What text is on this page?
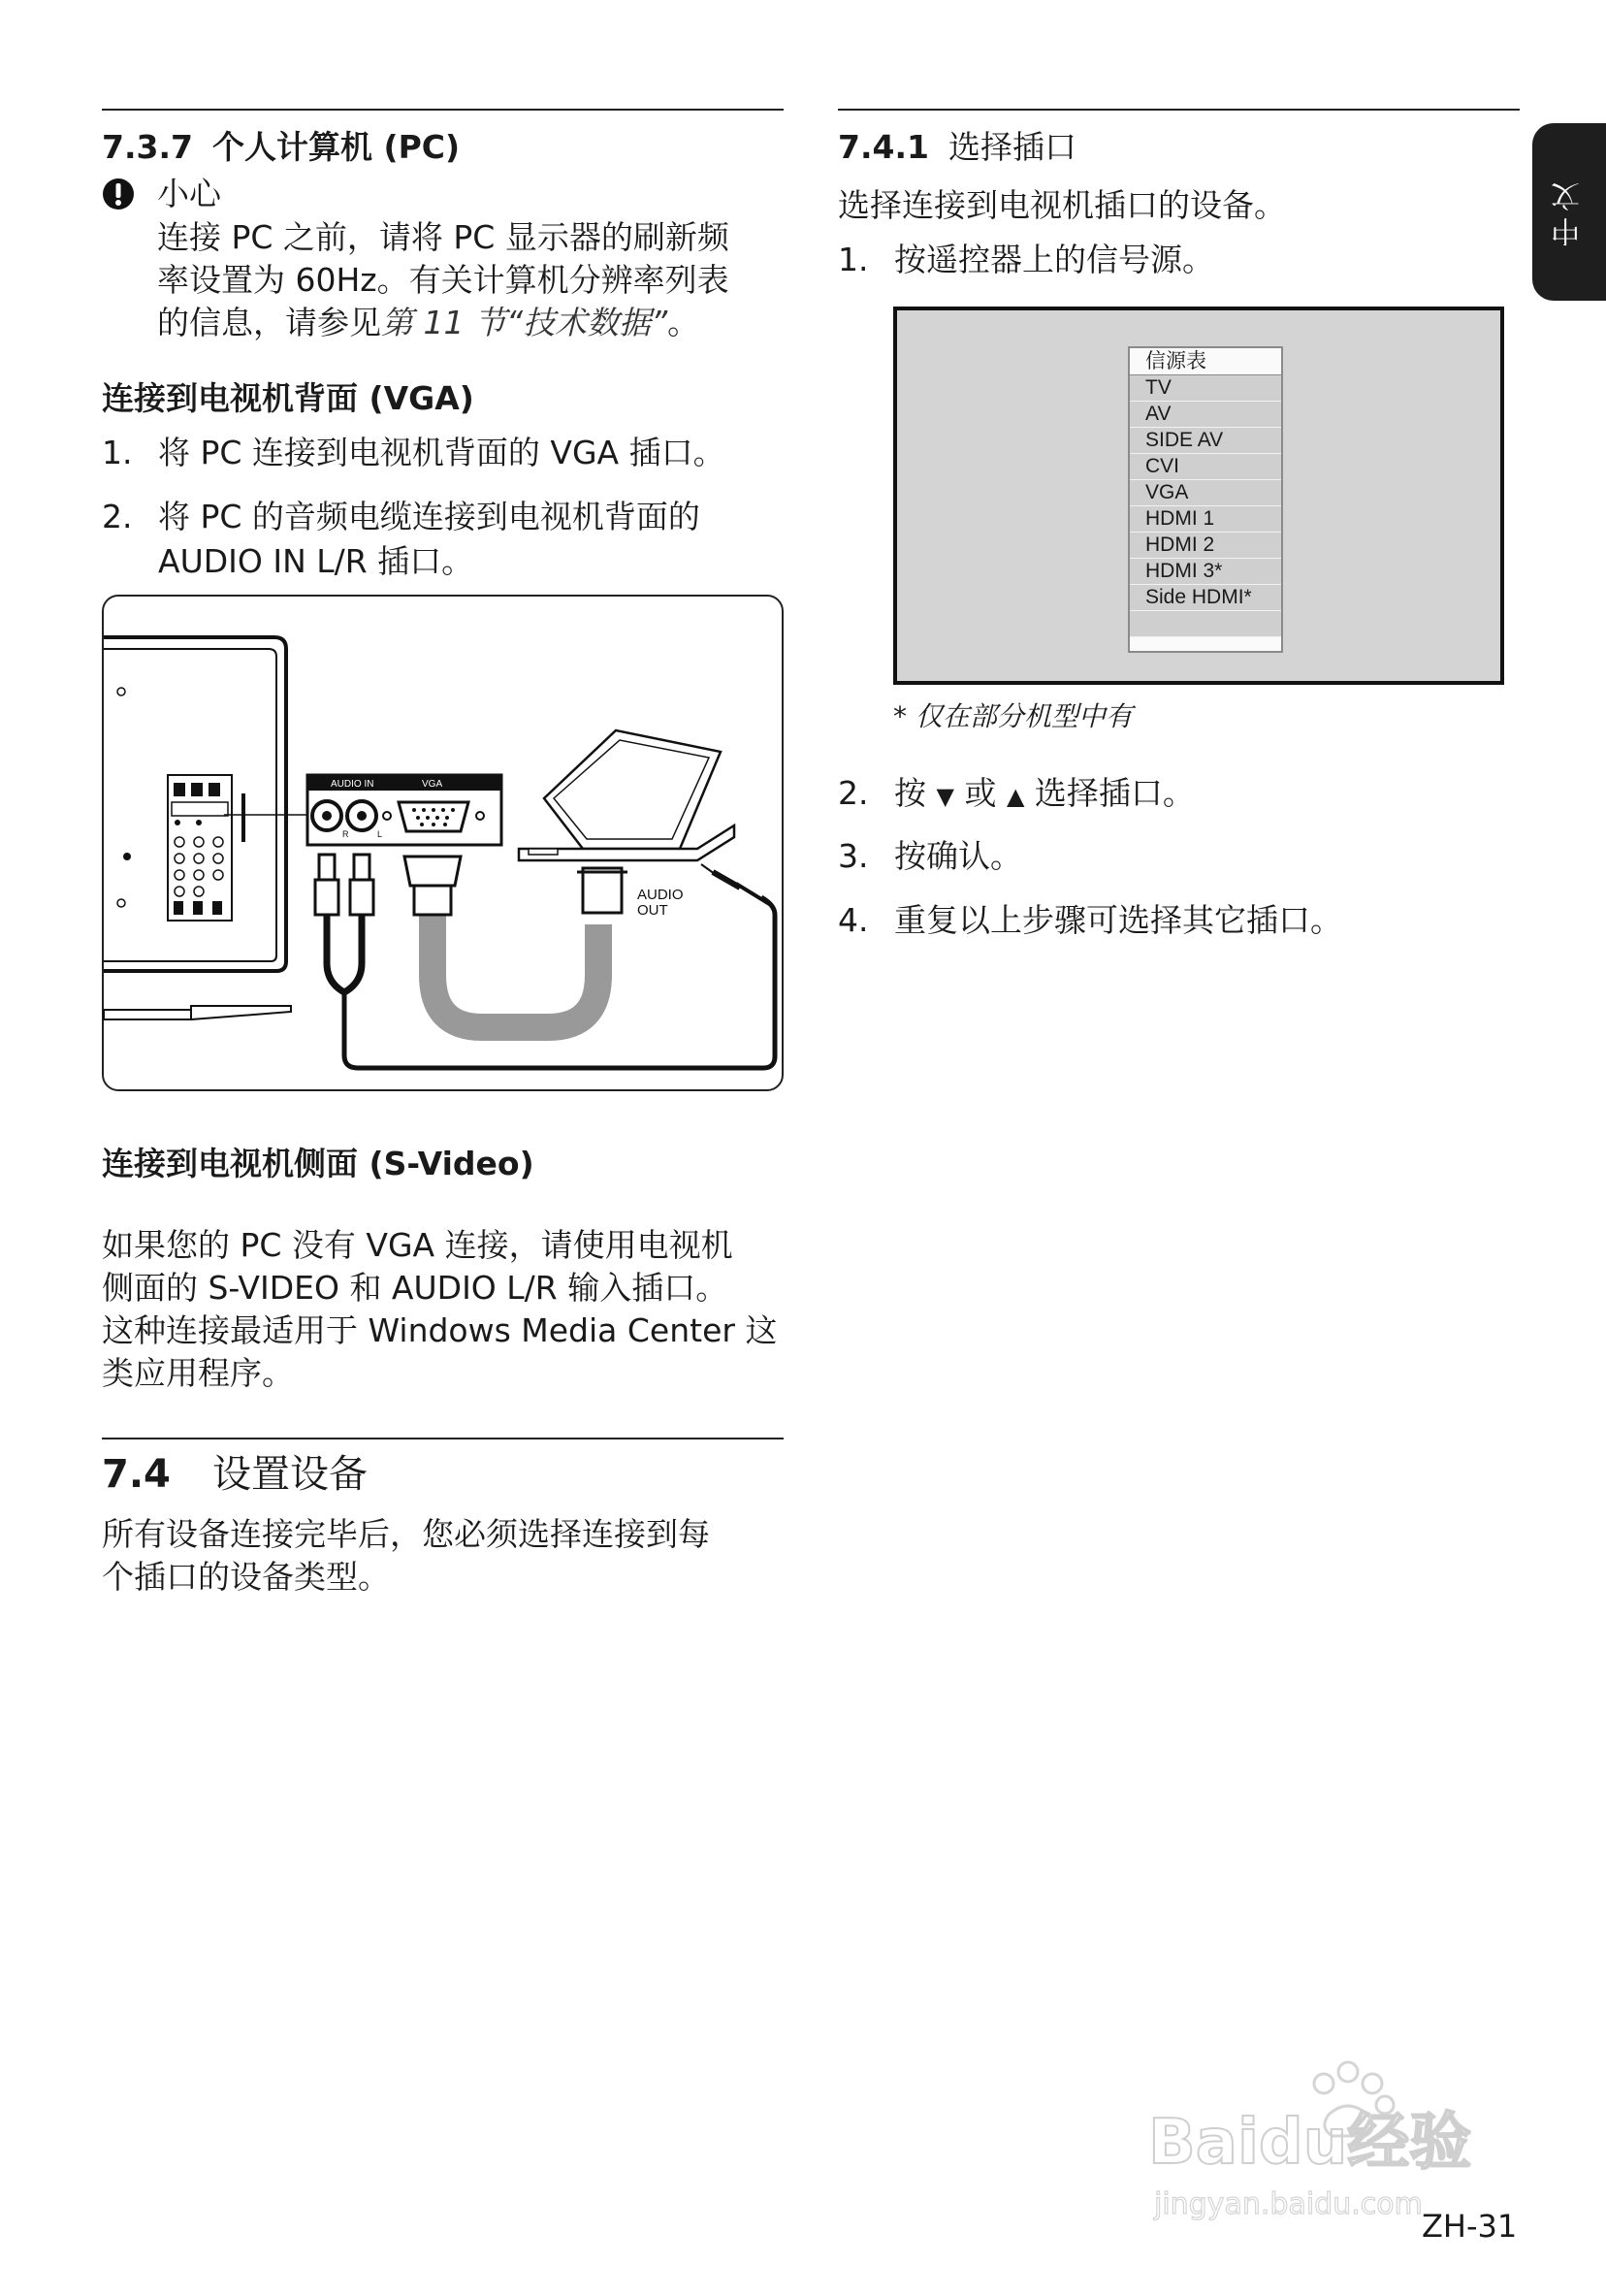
7.3.7 个人计算机 (PC)
小心
连接 PC 之前，请将 PC 显示器的刷新频
率设置为 60Hz。有关计算机分辨率列表
的信息，请参见第 11 节“技术数据”。
连接到电视机背面 (VGA)
1. 将 PC 连接到电视机背面的 VGA 插口。
2. 将 PC 的音频电缆连接到电视机背面的
AUDIO IN L/R 插口。
AUDIO IN	VGA
R	L
AUDIO
OUT
连接到电视机侧面 (S-Video)
如果您的 PC 没有 VGA 连接，请使用电视机
侧面的 S-VIDEO 和 AUDIO L/R 输入插口。
这种连接最适用于 Windows Media Center 这
类应用程序。
7.4 设置设备
所有设备连接完毕后，您必须选择连接到每
个插口的设备类型。
7.4.1 选择插口
选择连接到电视机插口的设备。
1. 按遥控器上的信号源。
信源表
TV
AV
SIDE AV
CVI
VGA
HDMI 1
HDMI 2
HDMI 3*
Side HDMI*
* 仅在部分机型中有
2. 按 ▼ 或 ▲ 选择插口。
3. 按确认。
4. 重复以上步骤可选择其它插口。
中文
Baidu经验
jingyan.baidu.com
ZH-31
